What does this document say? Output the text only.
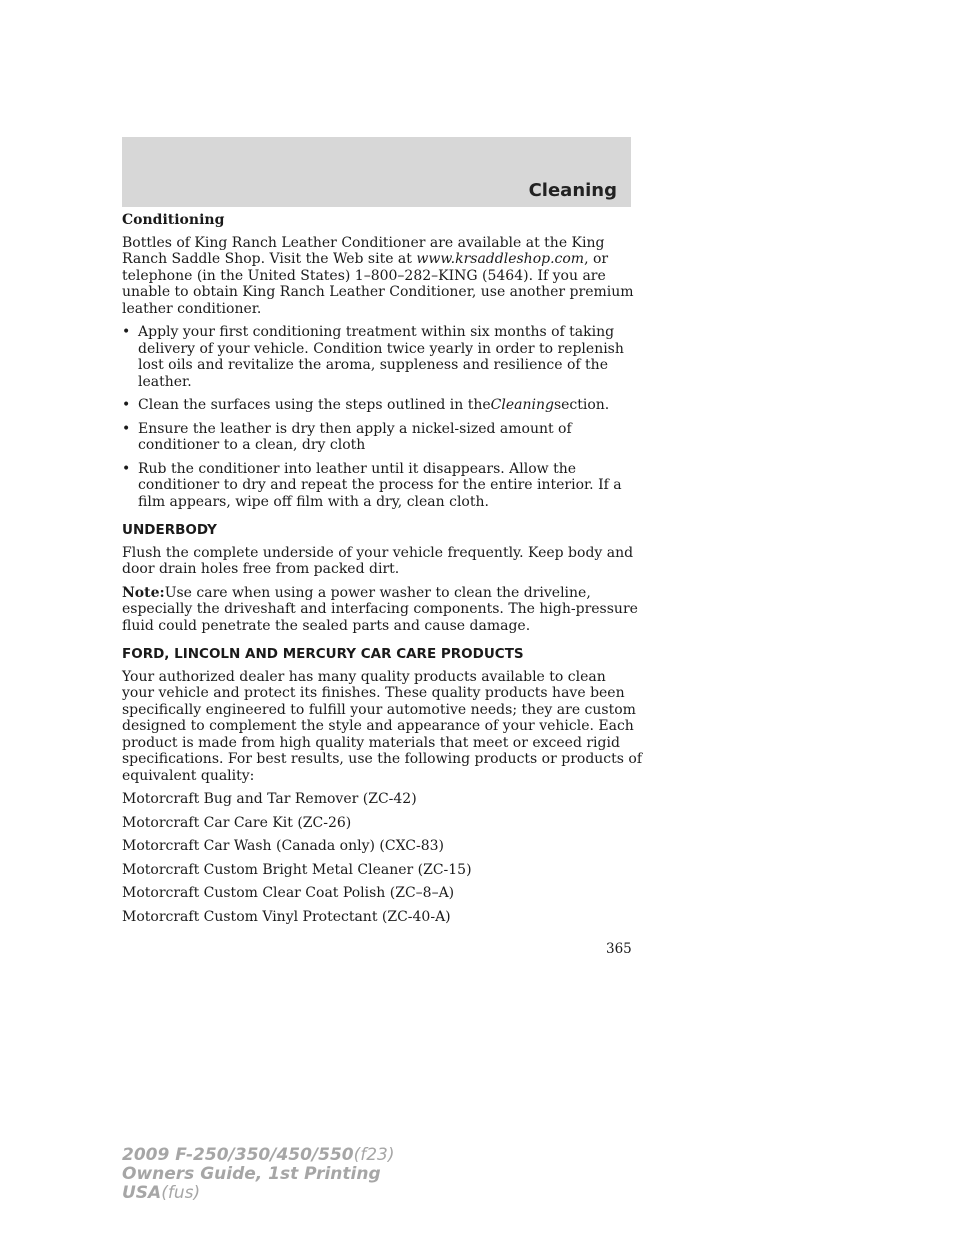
Cleaning

Conditioning

Bottles of King Ranch Leather Conditioner are available at the King Ranch Saddle Shop. Visit the Web site at www.krsaddleshop.com, or telephone (in the United States) 1–800–282–KING (5464). If you are unable to obtain King Ranch Leather Conditioner, use another premium leather conditioner.

• Apply your first conditioning treatment within six months of taking delivery of your vehicle. Condition twice yearly in order to replenish lost oils and revitalize the aroma, suppleness and resilience of the leather.
• Clean the surfaces using the steps outlined in theCleaningsection.
• Ensure the leather is dry then apply a nickel-sized amount of conditioner to a clean, dry cloth
• Rub the conditioner into leather until it disappears. Allow the conditioner to dry and repeat the process for the entire interior. If a film appears, wipe off film with a dry, clean cloth.

UNDERBODY

Flush the complete underside of your vehicle frequently. Keep body and door drain holes free from packed dirt.

Note:Use care when using a power washer to clean the driveline, especially the driveshaft and interfacing components. The high-pressure fluid could penetrate the sealed parts and cause damage.

FORD, LINCOLN AND MERCURY CAR CARE PRODUCTS

Your authorized dealer has many quality products available to clean your vehicle and protect its finishes. These quality products have been specifically engineered to fulfill your automotive needs; they are custom designed to complement the style and appearance of your vehicle. Each product is made from high quality materials that meet or exceed rigid specifications. For best results, use the following products or products of equivalent quality:

Motorcraft Bug and Tar Remover (ZC-42)

Motorcraft Car Care Kit (ZC-26)

Motorcraft Car Wash (Canada only) (CXC-83)

Motorcraft Custom Bright Metal Cleaner (ZC-15)

Motorcraft Custom Clear Coat Polish (ZC–8–A)

Motorcraft Custom Vinyl Protectant (ZC-40-A)

365
2009 F-250/350/450/550(f23)
Owners Guide, 1st Printing
USA(fus)
